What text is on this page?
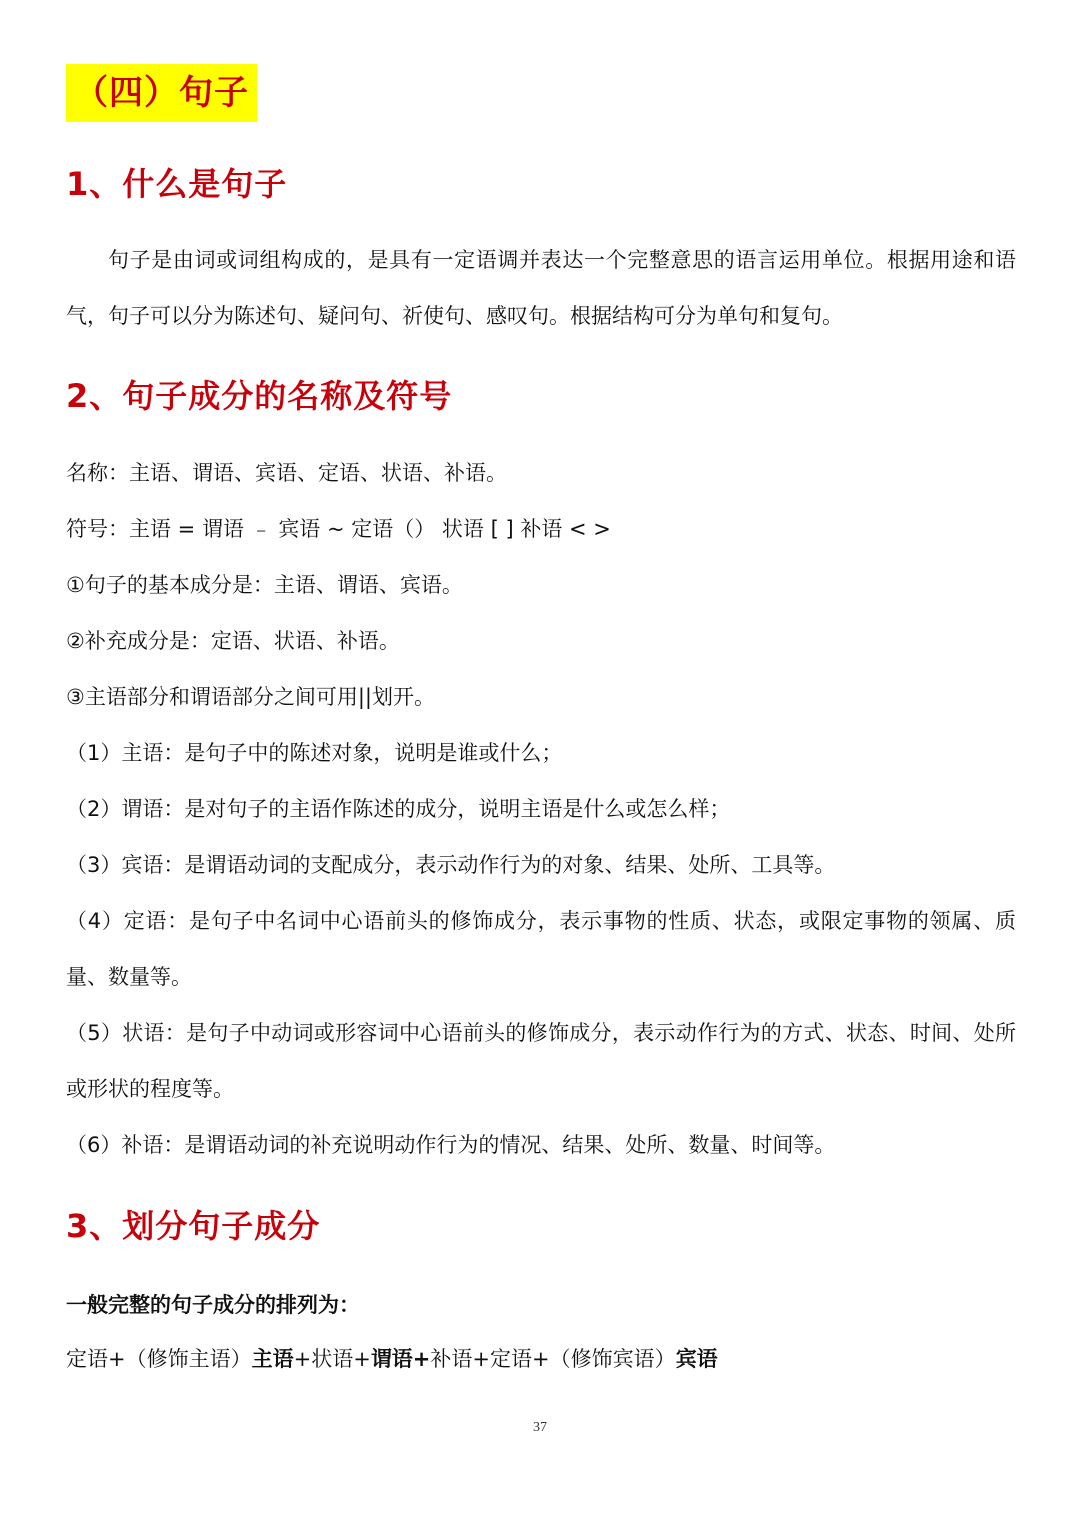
（四）句子
1、什么是句子
句子是由词或词组构成的，是具有一定语调并表达一个完整意思的语言运用单位。根据用途和语气，句子可以分为陈述句、疑问句、祈使句、感叹句。根据结构可分为单句和复句。
2、句子成分的名称及符号
名称：主语、谓语、宾语、定语、状语、补语。
符号：主语 = 谓语 ﹣ 宾语 ~ 定语（） 状语 [ ] 补语 < >
①句子的基本成分是：主语、谓语、宾语。
②补充成分是：定语、状语、补语。
③主语部分和谓语部分之间可用||划开。
（1）主语：是句子中的陈述对象，说明是谁或什么；
（2）谓语：是对句子的主语作陈述的成分，说明主语是什么或怎么样；
（3）宾语：是谓语动词的支配成分，表示动作行为的对象、结果、处所、工具等。
（4）定语：是句子中名词中心语前头的修饰成分，表示事物的性质、状态，或限定事物的领属、质量、数量等。
（5）状语：是句子中动词或形容词中心语前头的修饰成分，表示动作行为的方式、状态、时间、处所或形状的程度等。
（6）补语：是谓语动词的补充说明动作行为的情况、结果、处所、数量、时间等。
3、划分句子成分
一般完整的句子成分的排列为：
定语+（修饰主语）主语+状语+谓语+补语+定语+（修饰宾语）宾语
37
